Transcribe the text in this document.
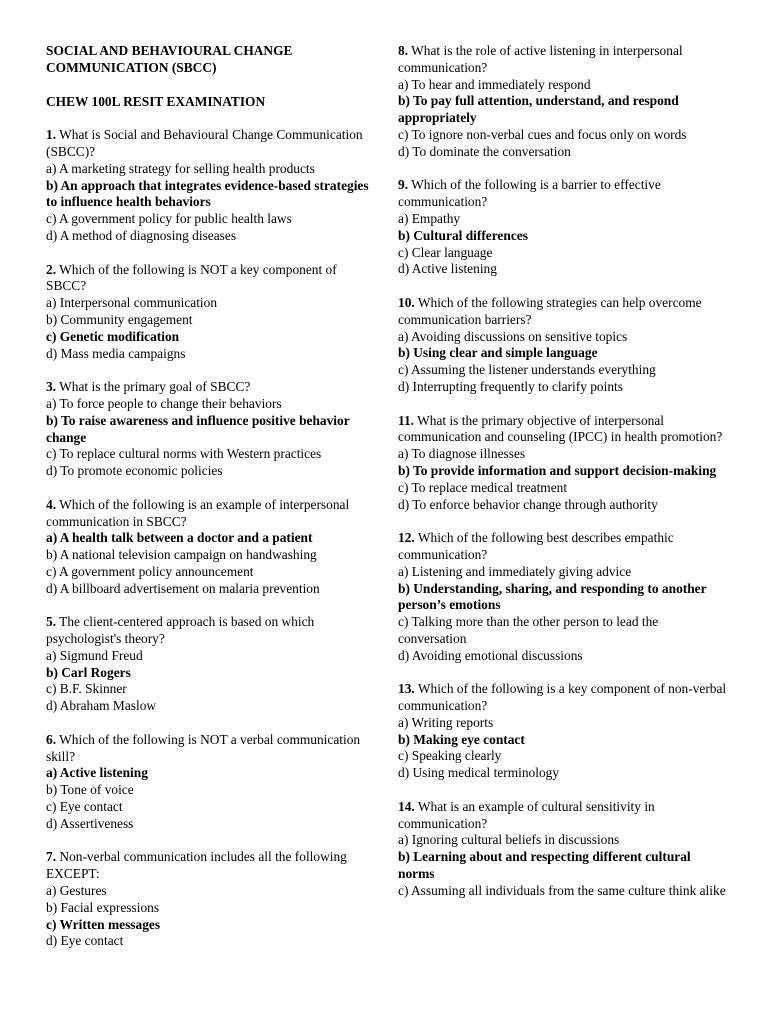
SOCIAL AND BEHAVIOURAL CHANGE COMMUNICATION (SBCC)

CHEW 100L RESIT EXAMINATION

1. What is Social and Behavioural Change Communication (SBCC)?

a) A marketing strategy for selling health products

b) An approach that integrates evidence-based strategies to influence health behaviors

c) A government policy for public health laws

d) A method of diagnosing diseases

2. Which of the following is NOT a key component of SBCC?

a) Interpersonal communication

b) Community engagement

c) Genetic modification

d) Mass media campaigns

3. What is the primary goal of SBCC?

a) To force people to change their behaviors

b) To raise awareness and influence positive behavior change

c) To replace cultural norms with Western practices

d) To promote economic policies

4. Which of the following is an example of interpersonal communication in SBCC?

a) A health talk between a doctor and a patient

b) A national television campaign on handwashing

c) A government policy announcement

d) A billboard advertisement on malaria prevention

5. The client-centered approach is based on which psychologist's theory?

a) Sigmund Freud

b) Carl Rogers

c) B.F. Skinner

d) Abraham Maslow

6. Which of the following is NOT a verbal communication skill?

a) Active listening

b) Tone of voice

c) Eye contact

d) Assertiveness

7. Non-verbal communication includes all the following EXCEPT:

a) Gestures

b) Facial expressions

c) Written messages

d) Eye contact

8. What is the role of active listening in interpersonal communication?

a) To hear and immediately respond

b) To pay full attention, understand, and respond appropriately

c) To ignore non-verbal cues and focus only on words

d) To dominate the conversation

9. Which of the following is a barrier to effective communication?

a) Empathy

b) Cultural differences

c) Clear language

d) Active listening

10. Which of the following strategies can help overcome communication barriers?

a) Avoiding discussions on sensitive topics

b) Using clear and simple language

c) Assuming the listener understands everything

d) Interrupting frequently to clarify points

11. What is the primary objective of interpersonal communication and counseling (IPCC) in health promotion?

a) To diagnose illnesses

b) To provide information and support decision-making

c) To replace medical treatment

d) To enforce behavior change through authority

12. Which of the following best describes empathic communication?

a) Listening and immediately giving advice

b) Understanding, sharing, and responding to another person’s emotions

c) Talking more than the other person to lead the conversation

d) Avoiding emotional discussions

13. Which of the following is a key component of non-verbal communication?

a) Writing reports

b) Making eye contact

c) Speaking clearly

d) Using medical terminology

14. What is an example of cultural sensitivity in communication?

a) Ignoring cultural beliefs in discussions

b) Learning about and respecting different cultural norms

c) Assuming all individuals from the same culture think alike
